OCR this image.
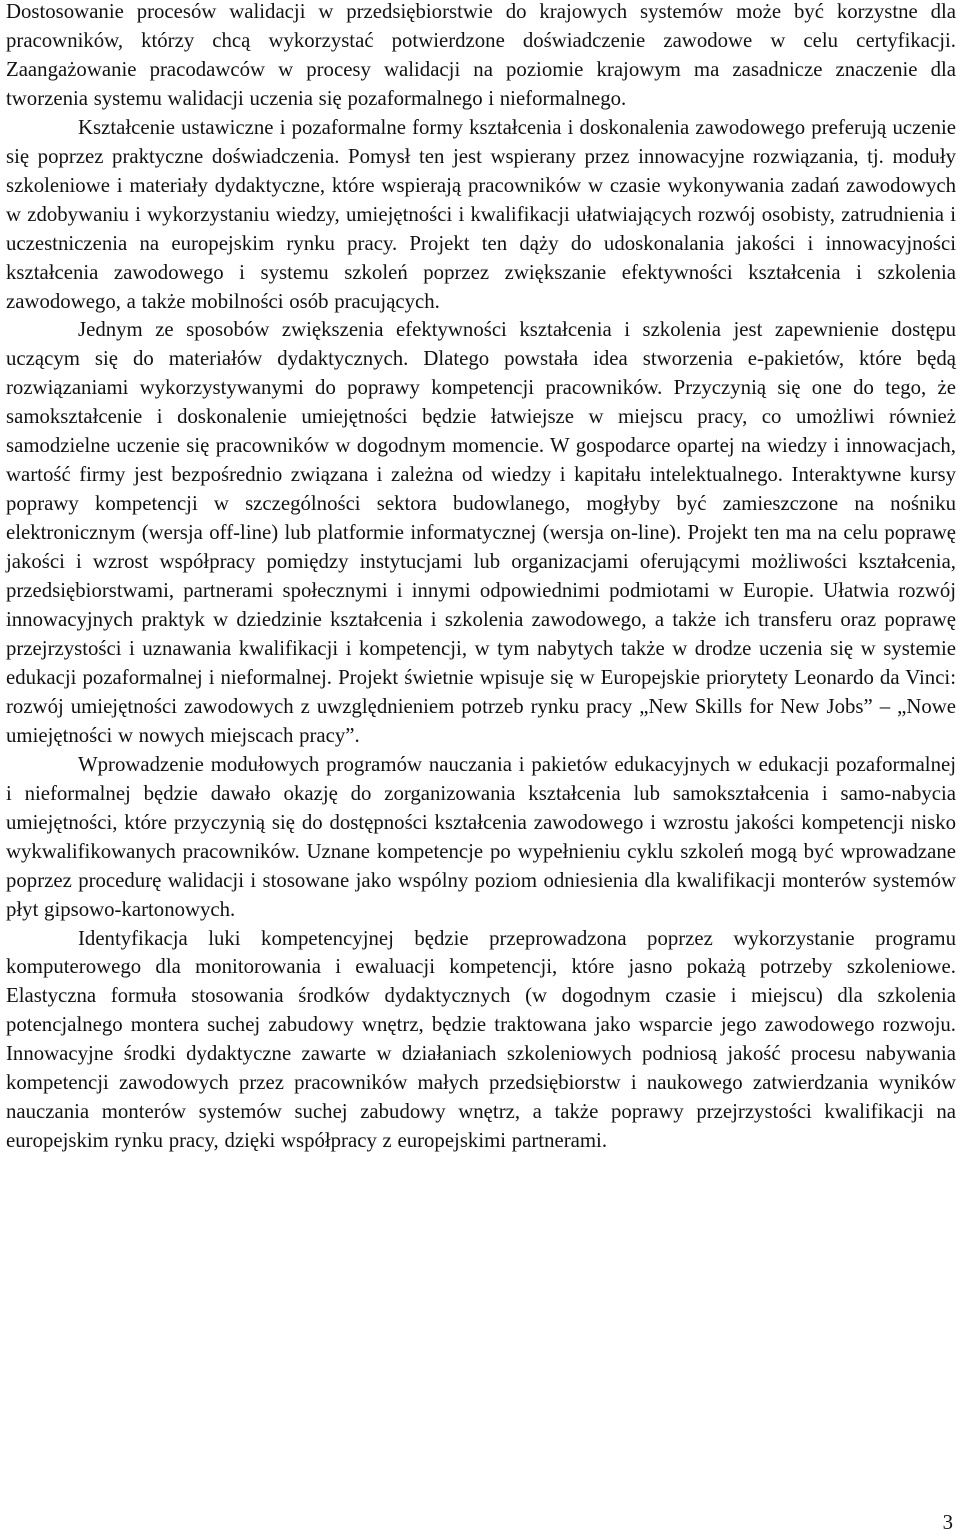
Dostosowanie procesów walidacji w przedsiębiorstwie do krajowych systemów może być korzystne dla pracowników, którzy chcą wykorzystać potwierdzone doświadczenie zawodowe w celu certyfikacji. Zaangażowanie pracodawców w procesy walidacji na poziomie krajowym ma zasadnicze znaczenie dla tworzenia systemu walidacji uczenia się pozaformalnego i nieformalnego.

Kształcenie ustawiczne i pozaformalne formy kształcenia i doskonalenia zawodowego preferują uczenie się poprzez praktyczne doświadczenia. Pomysł ten jest wspierany przez innowacyjne rozwiązania, tj. moduły szkoleniowe i materiały dydaktyczne, które wspierają pracowników w czasie wykonywania zadań zawodowych w zdobywaniu i wykorzystaniu wiedzy, umiejętności i kwalifikacji ułatwiających rozwój osobisty, zatrudnienia i uczestniczenia na europejskim rynku pracy. Projekt ten dąży do udoskonalania jakości i innowacyjności kształcenia zawodowego i systemu szkoleń poprzez zwiększanie efektywności kształcenia i szkolenia zawodowego, a także mobilności osób pracujących.

Jednym ze sposobów zwiększenia efektywności kształcenia i szkolenia jest zapewnienie dostępu uczącym się do materiałów dydaktycznych. Dlatego powstała idea stworzenia e-pakietów, które będą rozwiązaniami wykorzystywanymi do poprawy kompetencji pracowników. Przyczynią się one do tego, że samokształcenie i doskonalenie umiejętności będzie łatwiejsze w miejscu pracy, co umożliwi również samodzielne uczenie się pracowników w dogodnym momencie. W gospodarce opartej na wiedzy i innowacjach, wartość firmy jest bezpośrednio związana i zależna od wiedzy i kapitału intelektualnego. Interaktywne kursy poprawy kompetencji w szczególności sektora budowlanego, mogłyby być zamieszczone na nośniku elektronicznym (wersja off-line) lub platformie informatycznej (wersja on-line). Projekt ten ma na celu poprawę jakości i wzrost współpracy pomiędzy instytucjami lub organizacjami oferującymi możliwości kształcenia, przedsiębiorstwami, partnerami społecznymi i innymi odpowiednimi podmiotami w Europie. Ułatwia rozwój innowacyjnych praktyk w dziedzinie kształcenia i szkolenia zawodowego, a także ich transferu oraz poprawę przejrzystości i uznawania kwalifikacji i kompetencji, w tym nabytych także w drodze uczenia się w systemie edukacji pozaformalnej i nieformalnej. Projekt świetnie wpisuje się w Europejskie priorytety Leonardo da Vinci: rozwój umiejętności zawodowych z uwzględnieniem potrzeb rynku pracy „New Skills for New Jobs” – „Nowe umiejętności w nowych miejscach pracy”.

Wprowadzenie modułowych programów nauczania i pakietów edukacyjnych w edukacji pozaformalnej i nieformalnej będzie dawało okazję do zorganizowania kształcenia lub samokształcenia i samo-nabycia umiejętności, które przyczynią się do dostępności kształcenia zawodowego i wzrostu jakości kompetencji nisko wykwalifikowanych pracowników. Uznane kompetencje po wypełnieniu cyklu szkoleń mogą być wprowadzane poprzez procedurę walidacji i stosowane jako wspólny poziom odniesienia dla kwalifikacji monterów systemów płyt gipsowo-kartonowych.

Identyfikacja luki kompetencyjnej będzie przeprowadzona poprzez wykorzystanie programu komputerowego dla monitorowania i ewaluacji kompetencji, które jasno pokażą potrzeby szkoleniowe. Elastyczna formuła stosowania środków dydaktycznych (w dogodnym czasie i miejscu) dla szkolenia potencjalnego montera suchej zabudowy wnętrz, będzie traktowana jako wsparcie jego zawodowego rozwoju. Innowacyjne środki dydaktyczne zawarte w działaniach szkoleniowych podniosą jakość procesu nabywania kompetencji zawodowych przez pracowników małych przedsiębiorstw i naukowego zatwierdzania wyników nauczania monterów systemów suchej zabudowy wnętrz, a także poprawy przejrzystości kwalifikacji na europejskim rynku pracy, dzięki współpracy z europejskimi partnerami.

3
